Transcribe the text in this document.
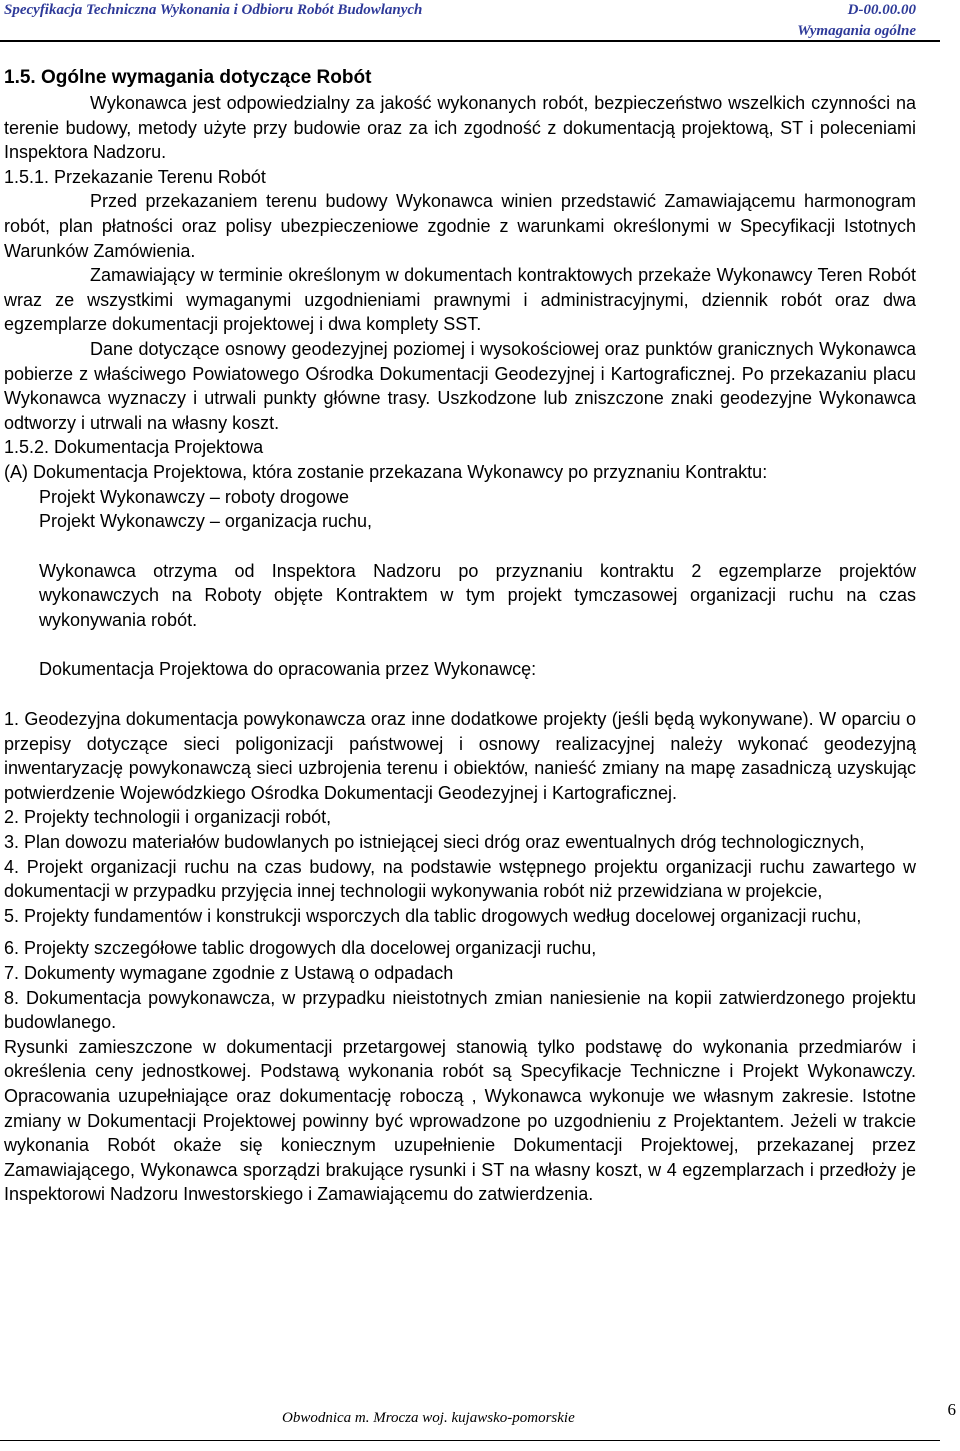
Specyfikacja Techniczna Wykonania i Odbioru Robót Budowlanych	D-00.00.00
Wymagania ogólne

1.5. Ogólne wymagania dotyczące Robót

Wykonawca jest odpowiedzialny za jakość wykonanych robót, bezpieczeństwo wszelkich czynności na terenie budowy, metody użyte przy budowie oraz za ich zgodność z dokumentacją projektową, ST i poleceniami Inspektora Nadzoru.

1.5.1. Przekazanie Terenu Robót

Przed przekazaniem terenu budowy Wykonawca winien przedstawić Zamawiającemu harmonogram robót, plan płatności oraz polisy ubezpieczeniowe zgodnie z warunkami określonymi w Specyfikacji Istotnych Warunków Zamówienia.

Zamawiający w terminie określonym w dokumentach kontraktowych przekaże Wykonawcy Teren Robót wraz ze wszystkimi wymaganymi uzgodnieniami prawnymi i administracyjnymi, dziennik robót oraz dwa egzemplarze dokumentacji projektowej i dwa komplety SST.

Dane dotyczące osnowy geodezyjnej poziomej i wysokościowej oraz punktów granicznych Wykonawca pobierze z właściwego Powiatowego Ośrodka Dokumentacji Geodezyjnej i Kartograficznej. Po przekazaniu placu Wykonawca wyznaczy i utrwali punkty główne trasy. Uszkodzone lub zniszczone znaki geodezyjne Wykonawca odtworzy i utrwali na własny koszt.

1.5.2. Dokumentacja Projektowa

(A) Dokumentacja Projektowa, która zostanie przekazana Wykonawcy po przyznaniu Kontraktu:

Projekt Wykonawczy – roboty drogowe

Projekt Wykonawczy – organizacja ruchu,

Wykonawca otrzyma od Inspektora Nadzoru po przyznaniu kontraktu 2 egzemplarze projektów wykonawczych na Roboty objęte Kontraktem w tym projekt tymczasowej organizacji ruchu na czas wykonywania robót.

Dokumentacja Projektowa do opracowania przez Wykonawcę:

1. Geodezyjna dokumentacja powykonawcza oraz inne dodatkowe projekty (jeśli będą wykonywane). W oparciu o przepisy dotyczące sieci poligonizacji państwowej i osnowy realizacyjnej należy wykonać geodezyjną inwentaryzację powykonawczą sieci uzbrojenia terenu i obiektów, nanieść zmiany na mapę zasadniczą uzyskując potwierdzenie Wojewódzkiego Ośrodka Dokumentacji Geodezyjnej i Kartograficznej.

2. Projekty technologii i organizacji robót,

3. Plan dowozu materiałów budowlanych po istniejącej sieci dróg oraz ewentualnych dróg technologicznych,

4. Projekt organizacji ruchu na czas budowy, na podstawie wstępnego projektu organizacji ruchu zawartego w dokumentacji w przypadku przyjęcia innej technologii wykonywania robót niż przewidziana w projekcie,

5. Projekty fundamentów i konstrukcji wsporczych dla tablic drogowych według docelowej organizacji ruchu,

6. Projekty szczegółowe tablic drogowych dla docelowej organizacji ruchu,

7. Dokumenty wymagane zgodnie z Ustawą o odpadach

8. Dokumentacja powykonawcza, w przypadku nieistotnych zmian naniesienie na kopii zatwierdzonego projektu budowlanego.

Rysunki zamieszczone w dokumentacji przetargowej stanowią tylko podstawę do wykonania przedmiarów i określenia ceny jednostkowej. Podstawą wykonania robót są Specyfikacje Techniczne i Projekt Wykonawczy. Opracowania uzupełniające oraz dokumentację roboczą , Wykonawca wykonuje we własnym zakresie. Istotne zmiany w Dokumentacji Projektowej powinny być wprowadzone po uzgodnieniu z Projektantem. Jeżeli w trakcie wykonania Robót okaże się koniecznym uzupełnienie Dokumentacji Projektowej, przekazanej przez Zamawiającego, Wykonawca sporządzi brakujące rysunki i ST na własny koszt, w 4 egzemplarzach i przedłoży je Inspektorowi Nadzoru Inwestorskiego i Zamawiającemu do zatwierdzenia.

Obwodnica m. Mrocza woj. kujawsko-pomorskie	6
